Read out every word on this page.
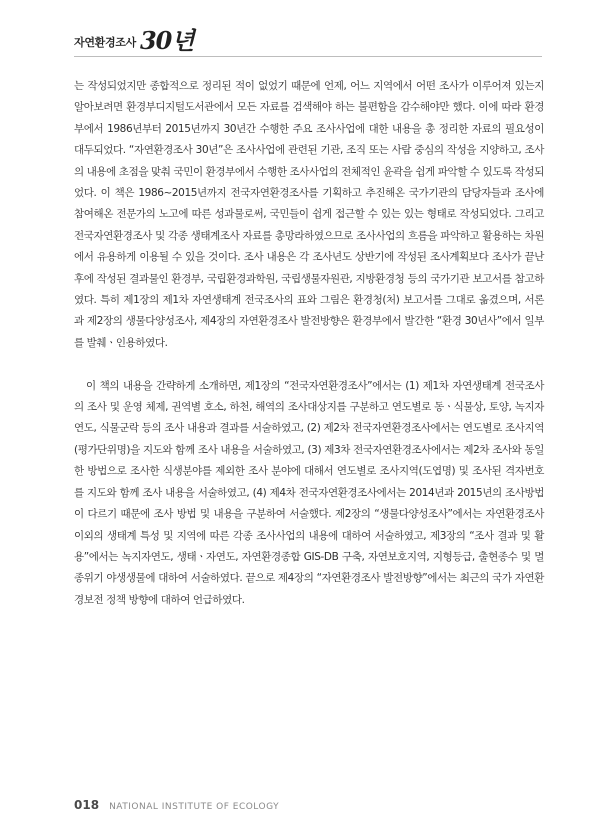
자연환경조사 30년

는 작성되었지만 종합적으로 정리된 적이 없었기 때문에 언제, 어느 지역에서 어떤 조사가 이루어져 있는지 알아보려면 환경부디지털도서관에서 모든 자료를 검색해야 하는 불편함을 감수해야만 했다. 이에 따라 환경부에서 1986년부터 2015년까지 30년간 수행한 주요 조사사업에 대한 내용을 총 정리한 자료의 필요성이 대두되었다. “자연환경조사 30년”은 조사사업에 관련된 기관, 조직 또는 사람 중심의 작성을 지양하고, 조사의 내용에 초점을 맞춰 국민이 환경부에서 수행한 조사사업의 전체적인 윤곽을 쉽게 파악할 수 있도록 작성되었다. 이 책은 1986~2015년까지 전국자연환경조사를 기획하고 추진해온 국가기관의 담당자들과 조사에 참여해온 전문가의 노고에 따른 성과물로써, 국민들이 쉽게 접근할 수 있는 있는 형태로 작성되었다. 그리고 전국자연환경조사 및 각종 생태계조사 자료를 총망라하였으므로 조사사업의 흐름을 파악하고 활용하는 차원에서 유용하게 이용될 수 있을 것이다. 조사 내용은 각 조사년도 상반기에 작성된 조사계획보다 조사가 끝난 후에 작성된 결과물인 환경부, 국립환경과학원, 국립생물자원관, 지방환경청 등의 국가기관 보고서를 참고하였다. 특히 제1장의 제1차 자연생태계 전국조사의 표와 그림은 환경청(처) 보고서를 그대로 옮겼으며, 서론과 제2장의 생물다양성조사, 제4장의 자연환경조사 발전방향은 환경부에서 발간한 “환경 30년사”에서 일부를 발췌ㆍ인용하였다.

이 책의 내용을 간략하게 소개하면, 제1장의 “전국자연환경조사”에서는 (1) 제1차 자연생태계 전국조사의 조사 및 운영 체제, 권역별 호소, 하천, 해역의 조사대상지를 구분하고 연도별로 동ㆍ식물상, 토양, 녹지자연도, 식물군락 등의 조사 내용과 결과를 서술하였고, (2) 제2차 전국자연환경조사에서는 연도별로 조사지역(평가단위명)을 지도와 함께 조사 내용을 서술하였고, (3) 제3차 전국자연환경조사에서는 제2차 조사와 동일한 방법으로 조사한 식생분야를 제외한 조사 분야에 대해서 연도별로 조사지역(도엽명) 및 조사된 격자번호를 지도와 함께 조사 내용을 서술하였고, (4) 제4차 전국자연환경조사에서는 2014년과 2015년의 조사방법이 다르기 때문에 조사 방법 및 내용을 구분하여 서술했다. 제2장의 “생물다양성조사”에서는 자연환경조사 이외의 생태계 특성 및 지역에 따른 각종 조사사업의 내용에 대하여 서술하였고, 제3장의 “조사 결과 및 활용”에서는 녹지자연도, 생태ㆍ자연도, 자연환경종합 GIS-DB 구축, 자연보호지역, 지형등급, 출현종수 및 멸종위기 야생생물에 대하여 서술하였다. 끝으로 제4장의 “자연환경조사 발전방향”에서는 최근의 국가 자연환경보전 정책 방향에 대하여 언급하였다.

018 NATIONAL INSTITUTE OF ECOLOGY
